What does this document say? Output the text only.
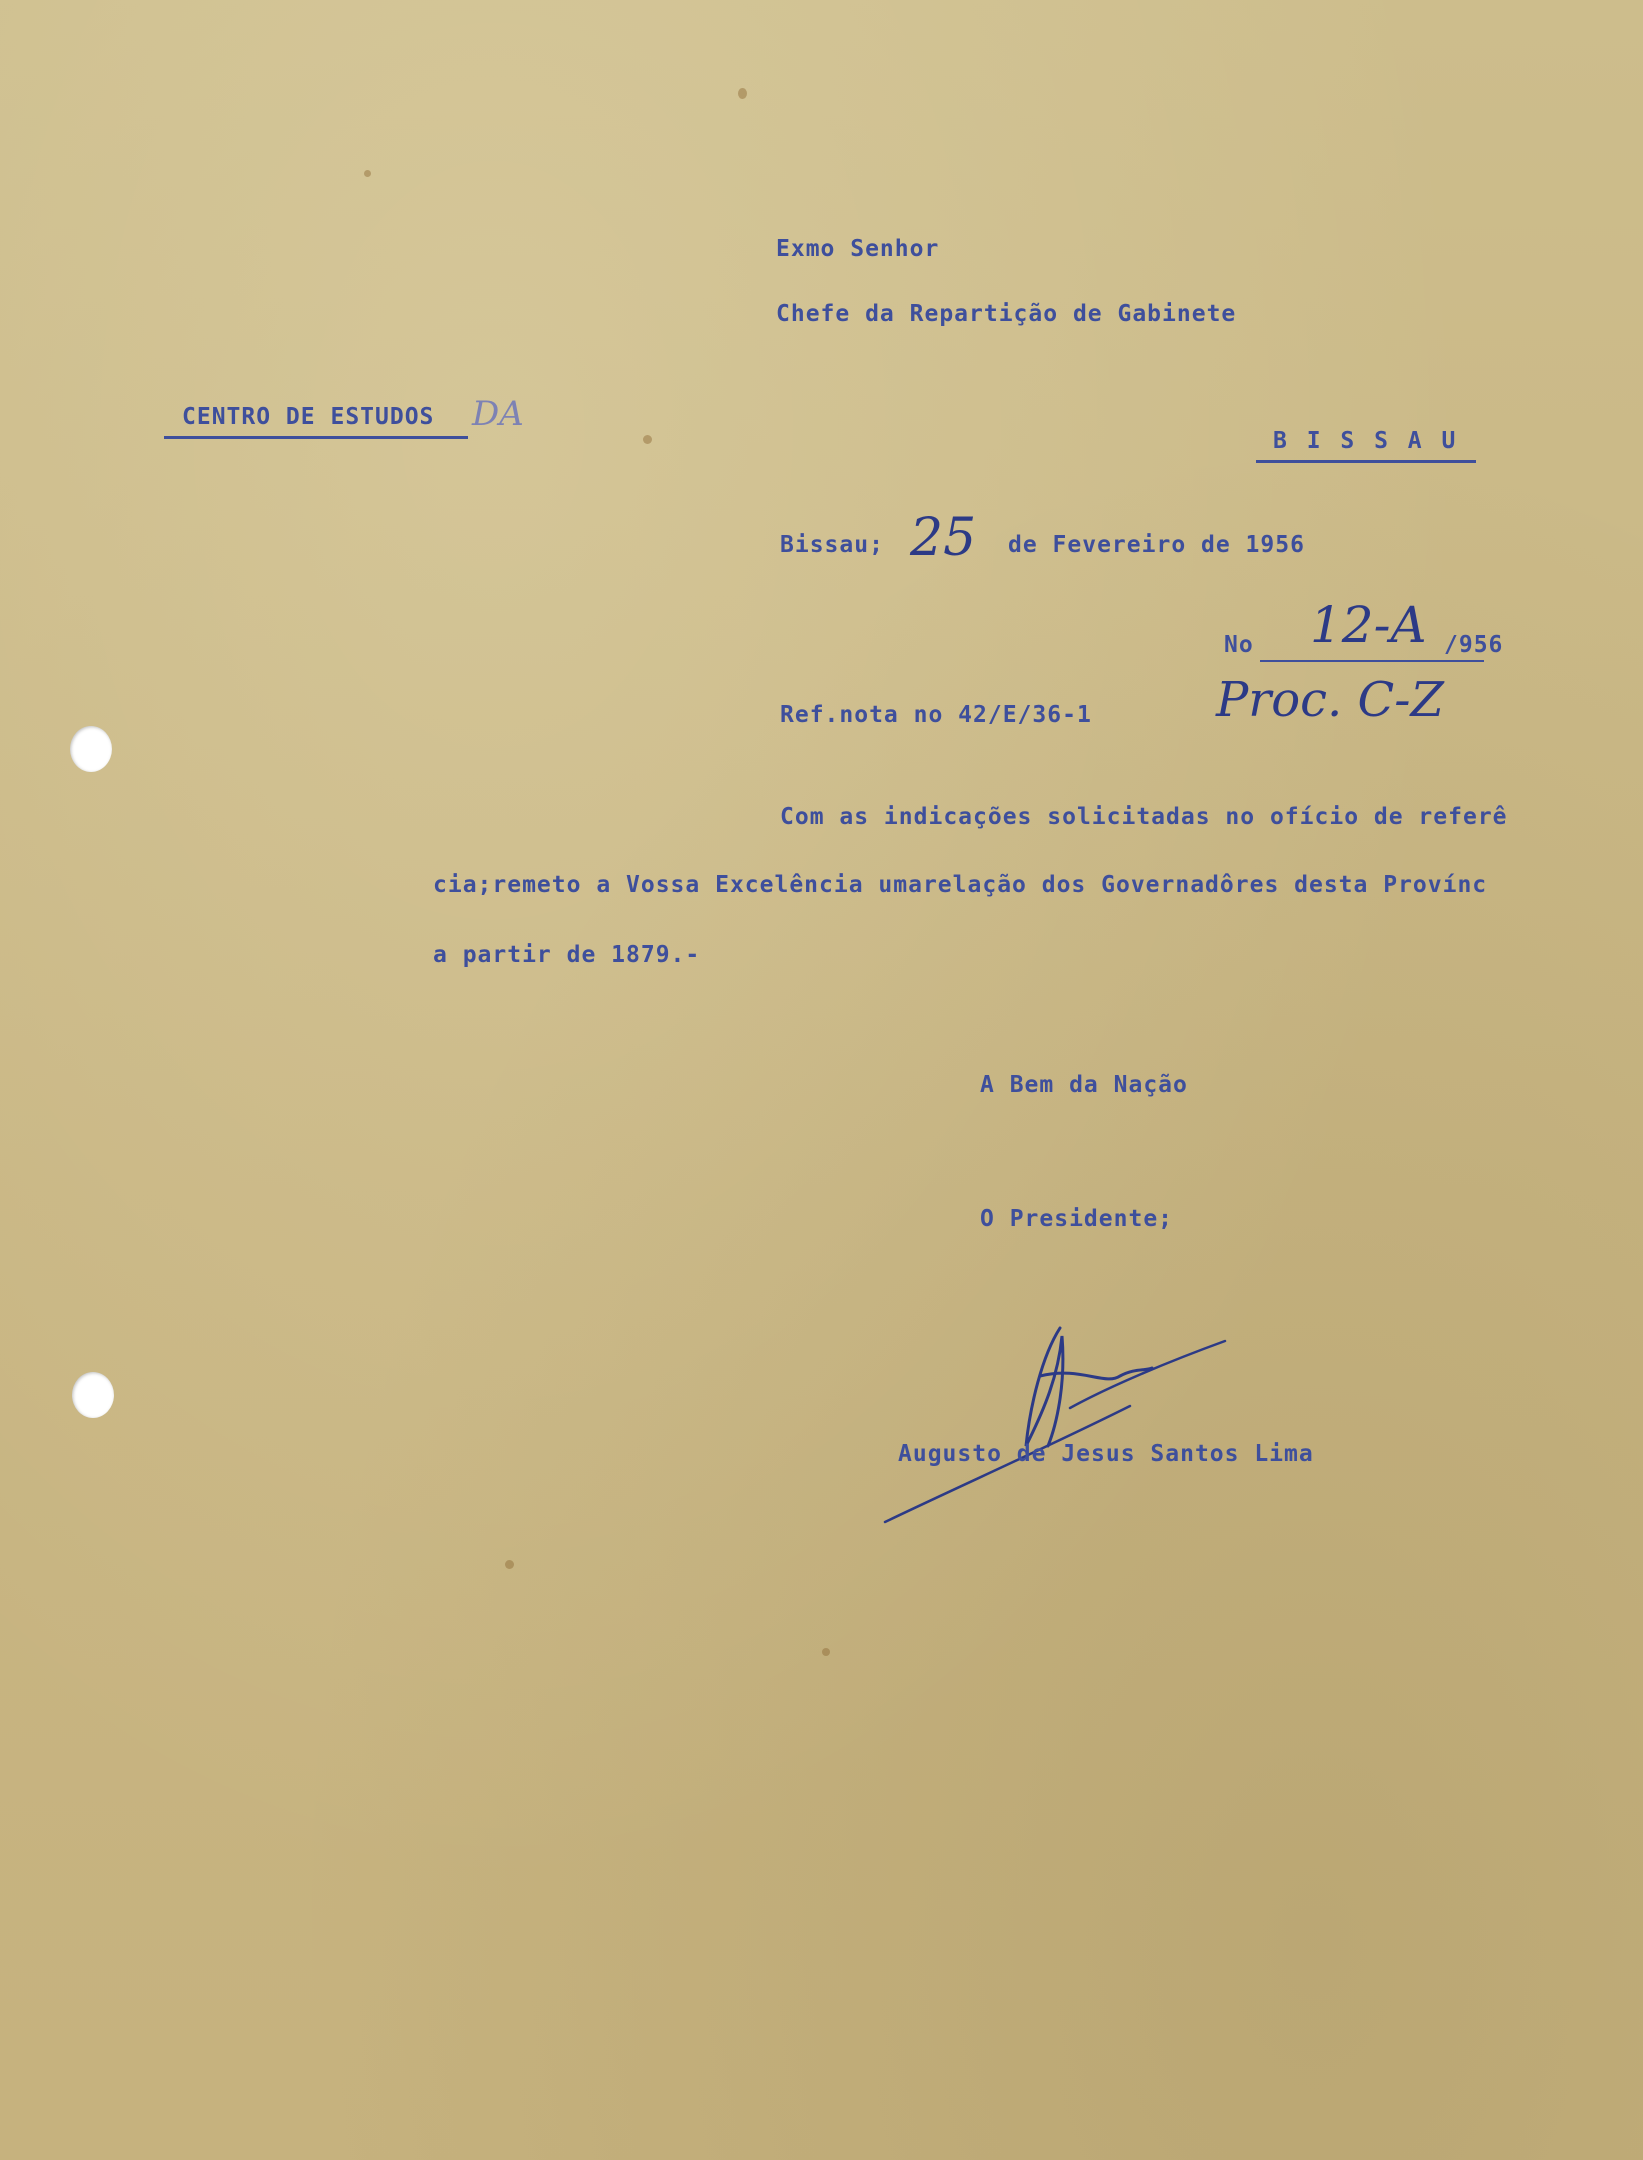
Exmo Senhor
Chefe da Repartição de Gabinete
CENTRO DE ESTUDOS DA
B I S S A U
Bissau; 25 de Fevereiro de 1956
No 12-A /956
Ref.nota no 42/E/36-1	Proc. C-Z
Com as indicações solicitadas no ofício de referê
cia;remeto a Vossa Excelência umarelação dos Governadôres desta Provínc
a partir de 1879.-
A Bem da Nação
O Presidente;
Augusto de Jesus Santos Lima
